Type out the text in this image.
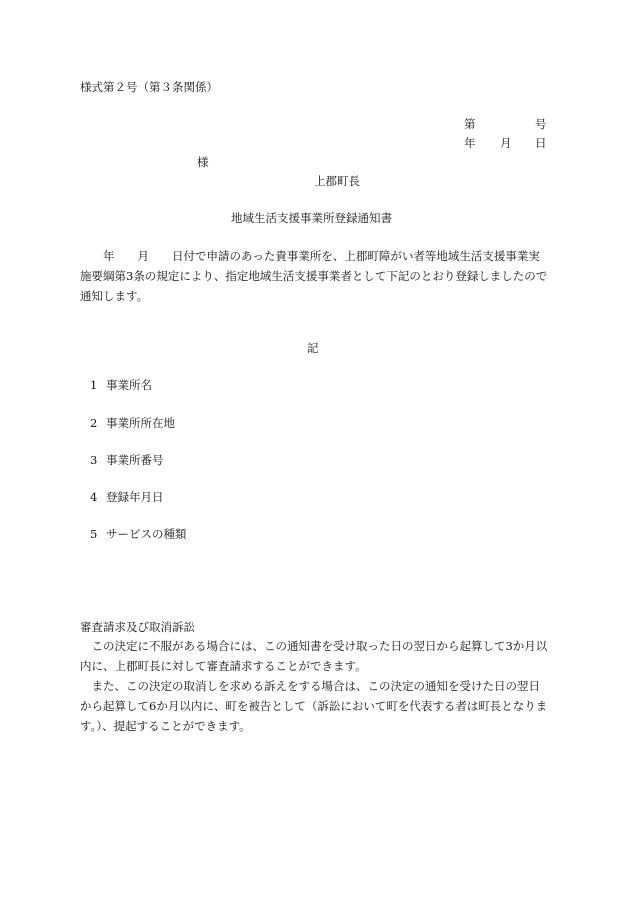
様式第２号（第３条関係）
第	号
年 月 日
様
上郡町長
地域生活支援事業所登録通知書
　　年　　月　　日付で申請のあった貴事業所を、上郡町障がい者等地域生活支援事業実
施要綱第3条の規定により、指定地域生活支援事業者として下記のとおり登録しましたので
通知します。
記
1 事業所名
2 事業所所在地
3 事業所番号
4 登録年月日
5 サービスの種類
審査請求及び取消訴訟
　この決定に不服がある場合には、この通知書を受け取った日の翌日から起算して3か月以
内に、上郡町長に対して審査請求することができます。
　また、この決定の取消しを求める訴えをする場合は、この決定の通知を受けた日の翌日
から起算して6か月以内に、町を被告として（訴訟において町を代表する者は町長となりま
す。）、提起することができます。
